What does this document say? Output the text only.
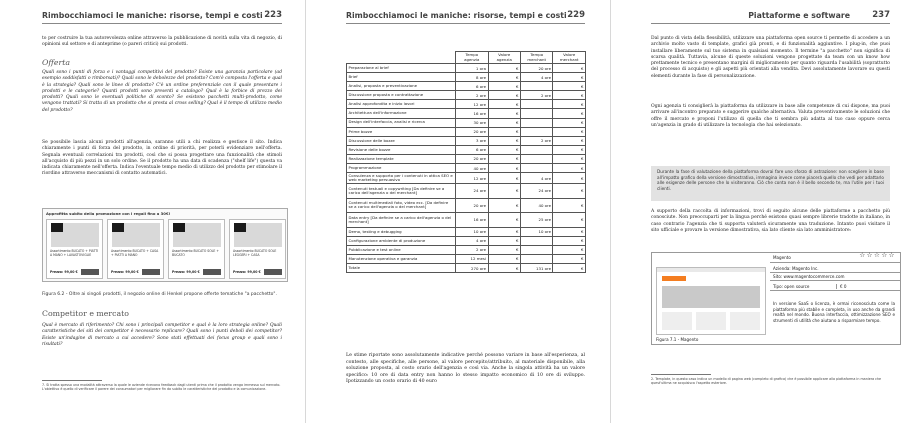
Rimbocchiamoci le maniche: risorse, tempi e costi 223

to per costruire la tua autorevolezza online attraverso la pubblicazione di novità sulla vita di negozio, di opinioni sul settore e di anteprime (o pareri critici) sui prodotti.

Offerta
Quali sono i punti di forza e i vantaggi competitivi del prodotto? Esiste una garanzia particolare (ad esempio soddisfatti o rimborsati)? Quali sono le debolezze del prodotto? Com'è composta l'offerta e qual è la strategia? Quali sono le linee di prodotto? C'è un ordine preferenziale con il quale presentare i prodotti e le categorie? Quanti prodotti sono presenti a catalogo? Qual è la forbice di prezzo dei prodotti? Quali sono le eventuali politiche di sconto? Se esistono pacchetti multi-prodotto, come vengono trattati? Si tratta di un prodotto che si presta al cross selling? Qual è il tempo di utilizzo medio del prodotto?
Se possibile lascia alcuni prodotti all'agenzia, saranno utili a chi realizza e gestisce il sito. Indica chiaramente i punti di forza del prodotto, in ordine di priorità, per poterli evidenziare nell'offerta. Segnala eventuali correlazioni tra prodotti, così che si possa progettare una funzionalità che stimoli all'acquisto di più pezzi in un solo ordine. Se il prodotto ha una data di scadenza ("shelf life") questa va indicata chiaramente nell'offerta. Indica l'eventuale tempo medio di utilizzo del prodotto per stimolare il riordino attraverso meccanismi di contatto automatici.
Approfitta subito della promozione con i regali fino a 30€!
Assortimento BUCATO + PIATTI A MANO + LAVASTOVIGLIE
Prezzo: 99,00 €
Assortimento BUCATO + CASA + PIATTI A MANO
Prezzo: 99,00 €
Assortimento BUCATO SOLE + BUCATO
Prezzo: 99,00 €
Assortimento BUCATO SOLE LEGGERI + CASA
Prezzo: 99,00 €
Figura 6.2 - Oltre ai singoli prodotti, il negozio online di Henkel propone offerte tematiche "a pacchetto".
Competitor e mercato
Qual è mercato di riferimento? Chi sono i principali competitor e qual è la loro strategia online? Quali caratteristiche dei siti dei competitor è necessario replicare? Quali sono i punti deboli dei competitor? Esiste un'indagine di mercato a cui accedere? Sono stati effettuati dei focus group e quali sono i risultati?
7. Si tratta spesso una modalità attraverso la quale le aziende ricevono feedback dagli utenti prima che il prodotto venga immesso sul mercato. L'obiettivo è quello di verificare il parere dei consumatori per migliorare fin da subito le caratteristiche del prodotto e la comunicazione.
Rimbocchiamoci le maniche: risorse, tempi e costi 229
	Tempo agenzia	Valore agenzia	Tempo merchant	Valore merchant
Preparazione al brief	1 ora	€	20 ore	€
Brief	8 ore	€	4 ore	€
Analisi, proposta e preventivazione	6 ore	€		€
Discussione proposta e contrattazione	2 ore	€	2 ore	€
Analisi approfondita e inizio lavori	12 ore	€		€
Architettura dell'informazione	16 ore	€		€
Design dell'interfaccia, analisi e ricerca	30 ore	€		€
Prime bozze	20 ore	€		€
Discussione delle bozze	3 ore	€	2 ore	€
Revisione delle bozze	6 ore	€		€
Realizzazione template	20 ore	€		€
Programmazione	40 ore	€		€
Consulenza e supporto per i contenuti in ottica SEO e web marketing persuasivo	12 ore	€	4 ore	€
Contenuti testuali e copywriting [Da definire se a carico dell'agenzia o del merchant]	24 ore	€	24 ore	€
Contenuti multimediali foto, video ecc. [Da definire se a carico dell'agenzia o del merchant]	20 ore	€	40 ore	€
Data entry [Da definire se a carico dell'agenzia o del merchant]	16 ore	€	25 ore	€
Demo, testing e debugging	10 ore	€	10 ore	€
Configurazione ambiente di produzione	4 ore	€		€
Pubblicazione e test online	2 ore	€		€
Manutenzione operativa e garanzia	12 mesi	€		€
Totale	270 ore	€	131 ore	€
Le stime riportate sono assolutamente indicative perché possono variare in base all'esperienza, al contesto, alle specifiche, alle persone, al valore percepito/attribuito, al materiale disponibile, alla soluzione proposta, al costo orario dell'agenzia e così via. Anche la singola attività ha un valore specifico: 10 ore di data entry non hanno lo stesso impatto economico di 10 ore di sviluppo. Ipotizzando un costo orario di 40 euro
Piattaforme e software	237
Dal punto di vista della flessibilità, utilizzare una piattaforma open source ti permette di accedere a un archivio molto vasto di template, grafici già pronti, e di funzionalità aggiuntive. I plug-in, che puoi installare liberamente sul tuo sistema in qualsiasi momento. Il termine "a pacchetto" non significa di scarsa qualità. Tuttavia, alcune di queste soluzioni vengono progettate da team con un know how prettamente tecnico e presentano margini di miglioramento per quanto riguarda l'usabilità (soprattutto del processo di acquisto) e gli aspetti più orientati alla vendita. Devi assolutamente lavorare su questi elementi durante la fase di personalizzazione.
Ogni agenzia ti consiglierà la piattaforma da utilizzare in base alle competenze di cui dispone, ma puoi arrivare all'incontro preparato e suggerire qualche alternativa. Valuta preventivamente le soluzioni che offre il mercato e proponi l'utilizzo di quella che ti sembra più adatta al tuo caso oppure cerca un'agenzia in grado di utilizzare la tecnologia che hai selezionato.
Durante la fase di valutazione della piattaforma dovrai fare uno sforzo di astrazione: non scegliere in base all'impatto grafico della versione dimostrativa, immagina invece come piacerà quello che vedi per adattarlo alle esigenze delle persone che lo visiteranno. Ciò che conta non è il bello secondo te, ma l'utile per i tuoi clienti.
A supporto della raccolta di informazioni, trovi di seguito alcune delle piattaforme a pacchetto più conosciute. Non preoccuparti per la lingua perché esistono quasi sempre librerie tradotte in italiano, in caso contrario l'agenzia che ti supporta valuterà sicuramente una traduzione. Intanto puoi visitare il sito ufficiale e provare la versione dimostrativa, sia lato cliente sia lato amministratore:
Figura 7.1 - Magento
Magento	☆☆☆☆☆
Azienda: Magento Inc.
Sito: www.magentocommerce.com
Tipo: open source	€ 0
In versione SaaS o licenza, è ormai riconosciuta come la piattaforma più stabile e completa, in uso anche da grandi realtà nel mondo. Buona interfaccia, ottimizzazione SEO e strumenti di utilità che aiutano a risparmiare tempo.
2. Template, in questo caso indica un modello di pagina web (completo di grafica) che è possibile applicare alla piattaforma in maniera che quest'ultima ne acquisisca l'aspetto esteriore.
